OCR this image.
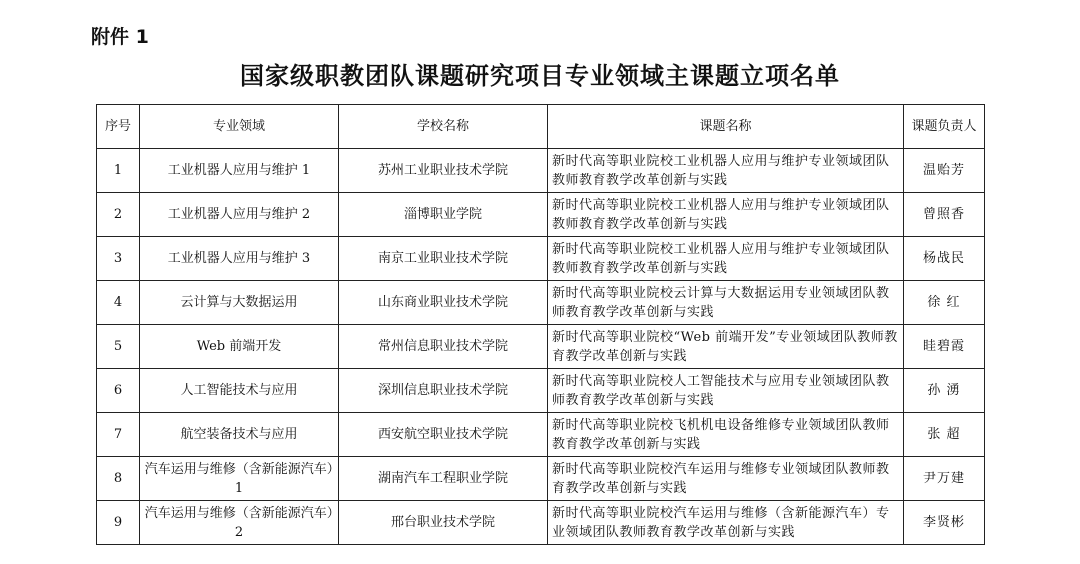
附件 1
国家级职教团队课题研究项目专业领域主课题立项名单
序号	专业领域	学校名称	课题名称	课题负责人
1	工业机器人应用与维护 1	苏州工业职业技术学院	新时代高等职业院校工业机器人应用与维护专业领域团队教师教育教学改革创新与实践	温贻芳
2	工业机器人应用与维护 2	淄博职业学院	新时代高等职业院校工业机器人应用与维护专业领域团队教师教育教学改革创新与实践	曾照香
3	工业机器人应用与维护 3	南京工业职业技术学院	新时代高等职业院校工业机器人应用与维护专业领域团队教师教育教学改革创新与实践	杨战民
4	云计算与大数据运用	山东商业职业技术学院	新时代高等职业院校云计算与大数据运用专业领域团队教师教育教学改革创新与实践	徐 红
5	Web 前端开发	常州信息职业技术学院	新时代高等职业院校“Web 前端开发”专业领域团队教师教育教学改革创新与实践	眭碧霞
6	人工智能技术与应用	深圳信息职业技术学院	新时代高等职业院校人工智能技术与应用专业领域团队教师教育教学改革创新与实践	孙 湧
7	航空装备技术与应用	西安航空职业技术学院	新时代高等职业院校飞机机电设备维修专业领域团队教师教育教学改革创新与实践	张 超
8	汽车运用与维修（含新能源汽车）1	湖南汽车工程职业学院	新时代高等职业院校汽车运用与维修专业领域团队教师教育教学改革创新与实践	尹万建
9	汽车运用与维修（含新能源汽车）2	邢台职业技术学院	新时代高等职业院校汽车运用与维修（含新能源汽车）专业领域团队教师教育教学改革创新与实践	李贤彬
